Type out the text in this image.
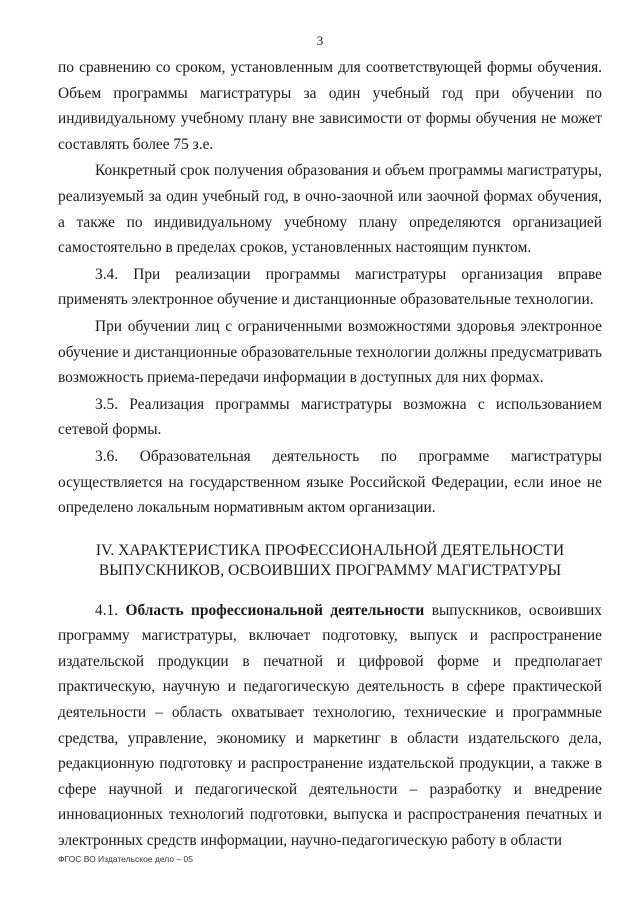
3

по сравнению со сроком, установленным для соответствующей формы обучения. Объем программы магистратуры за один учебный год при обучении по индивидуальному учебному плану вне зависимости от формы обучения не может составлять более 75 з.е.

Конкретный срок получения образования и объем программы магистратуры, реализуемый за один учебный год, в очно-заочной или заочной формах обучения, а также по индивидуальному учебному плану определяются организацией самостоятельно в пределах сроков, установленных настоящим пунктом.

3.4. При реализации программы магистратуры организация вправе применять электронное обучение и дистанционные образовательные технологии.

При обучении лиц с ограниченными возможностями здоровья электронное обучение и дистанционные образовательные технологии должны предусматривать возможность приема-передачи информации в доступных для них формах.

3.5. Реализация программы магистратуры возможна с использованием сетевой формы.

3.6. Образовательная деятельность по программе магистратуры осуществляется на государственном языке Российской Федерации, если иное не определено локальным нормативным актом организации.

IV. ХАРАКТЕРИСТИКА ПРОФЕССИОНАЛЬНОЙ ДЕЯТЕЛЬНОСТИ
ВЫПУСКНИКОВ, ОСВОИВШИХ ПРОГРАММУ МАГИСТРАТУРЫ

4.1. Область профессиональной деятельности выпускников, освоивших программу магистратуры, включает подготовку, выпуск и распространение издательской продукции в печатной и цифровой форме и предполагает практическую, научную и педагогическую деятельность в сфере практической деятельности – область охватывает технологию, технические и программные средства, управление, экономику и маркетинг в области издательского дела, редакционную подготовку и распространение издательской продукции, а также в сфере научной и педагогической деятельности – разработку и внедрение инновационных технологий подготовки, выпуска и распространения печатных и электронных средств информации, научно-педагогическую работу в области

ФГОС ВО Издательское дело – 05
